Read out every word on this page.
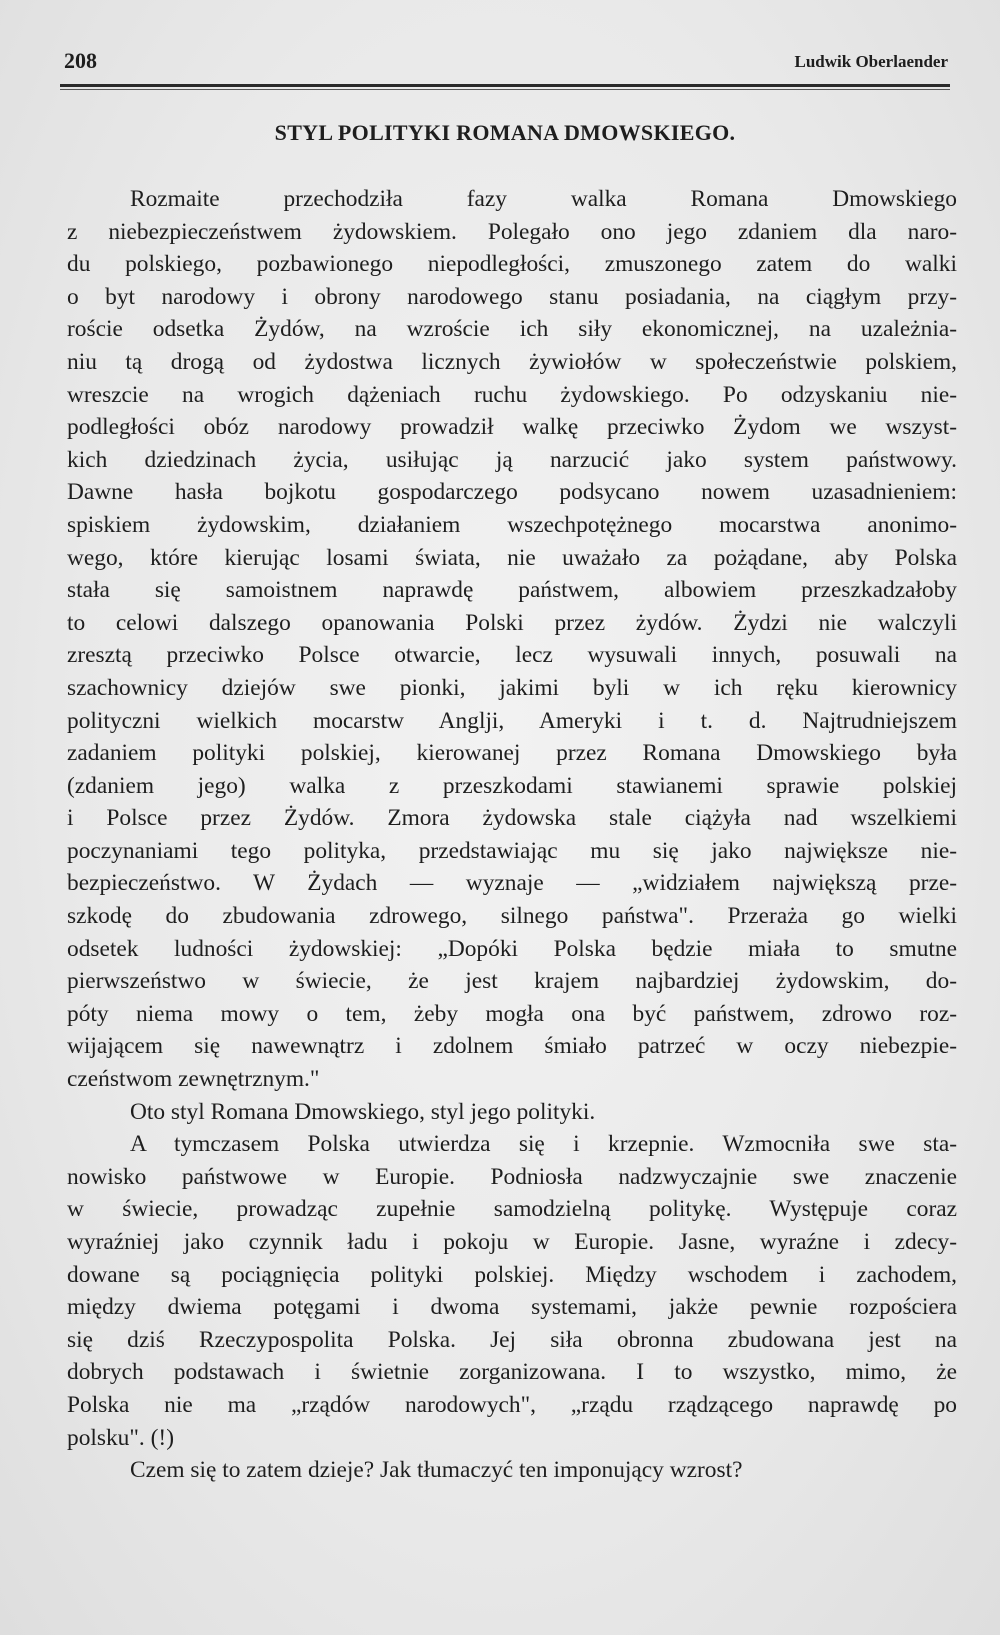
208	Ludwik Oberlaender
STYL POLITYKI ROMANA DMOWSKIEGO.

Rozmaite przechodziła fazy walka Romana Dmowskiego
z niebezpieczeństwem żydowskiem. Polegało ono jego zdaniem dla naro-
du polskiego, pozbawionego niepodległości, zmuszonego zatem do walki
o byt narodowy i obrony narodowego stanu posiadania, na ciągłym przy-
roście odsetka Żydów, na wzroście ich siły ekonomicznej, na uzależnia-
niu tą drogą od żydostwa licznych żywiołów w społeczeństwie polskiem,
wreszcie na wrogich dążeniach ruchu żydowskiego. Po odzyskaniu nie-
podległości obóz narodowy prowadził walkę przeciwko Żydom we wszyst-
kich dziedzinach życia, usiłując ją narzucić jako system państwowy.
Dawne hasła bojkotu gospodarczego podsycano nowem uzasadnieniem:
spiskiem żydowskim, działaniem wszechpotężnego mocarstwa anonimo-
wego, które kierując losami świata, nie uważało za pożądane, aby Polska
stała się samoistnem naprawdę państwem, albowiem przeszkadzałoby
to celowi dalszego opanowania Polski przez żydów. Żydzi nie walczyli
zresztą przeciwko Polsce otwarcie, lecz wysuwali innych, posuwali na
szachownicy dziejów swe pionki, jakimi byli w ich ręku kierownicy
polityczni wielkich mocarstw Anglji, Ameryki i t. d. Najtrudniejszem
zadaniem polityki polskiej, kierowanej przez Romana Dmowskiego była
(zdaniem jego) walka z przeszkodami stawianemi sprawie polskiej
i Polsce przez Żydów. Zmora żydowska stale ciążyła nad wszelkiemi
poczynaniami tego polityka, przedstawiając mu się jako największe nie-
bezpieczeństwo. W Żydach — wyznaje — „widziałem największą prze-
szkodę do zbudowania zdrowego, silnego państwa". Przeraża go wielki
odsetek ludności żydowskiej: „Dopóki Polska będzie miała to smutne
pierwszeństwo w świecie, że jest krajem najbardziej żydowskim, do-
póty niema mowy o tem, żeby mogła ona być państwem, zdrowo roz-
wijającem się nawewnątrz i zdolnem śmiało patrzeć w oczy niebezpie-
czeństwom zewnętrznym."

Oto styl Romana Dmowskiego, styl jego polityki.

A tymczasem Polska utwierdza się i krzepnie. Wzmocniła swe sta-
nowisko państwowe w Europie. Podniosła nadzwyczajnie swe znaczenie
w świecie, prowadząc zupełnie samodzielną politykę. Występuje coraz
wyraźniej jako czynnik ładu i pokoju w Europie. Jasne, wyraźne i zdecy-
dowane są pociągnięcia polityki polskiej. Między wschodem i zachodem,
między dwiema potęgami i dwoma systemami, jakże pewnie rozpościera
się dziś Rzeczypospolita Polska. Jej siła obronna zbudowana jest na
dobrych podstawach i świetnie zorganizowana. I to wszystko, mimo, że
Polska nie ma „rządów narodowych", „rządu rządzącego naprawdę po
polsku". (!)

Czem się to zatem dzieje? Jak tłumaczyć ten imponujący wzrost?
